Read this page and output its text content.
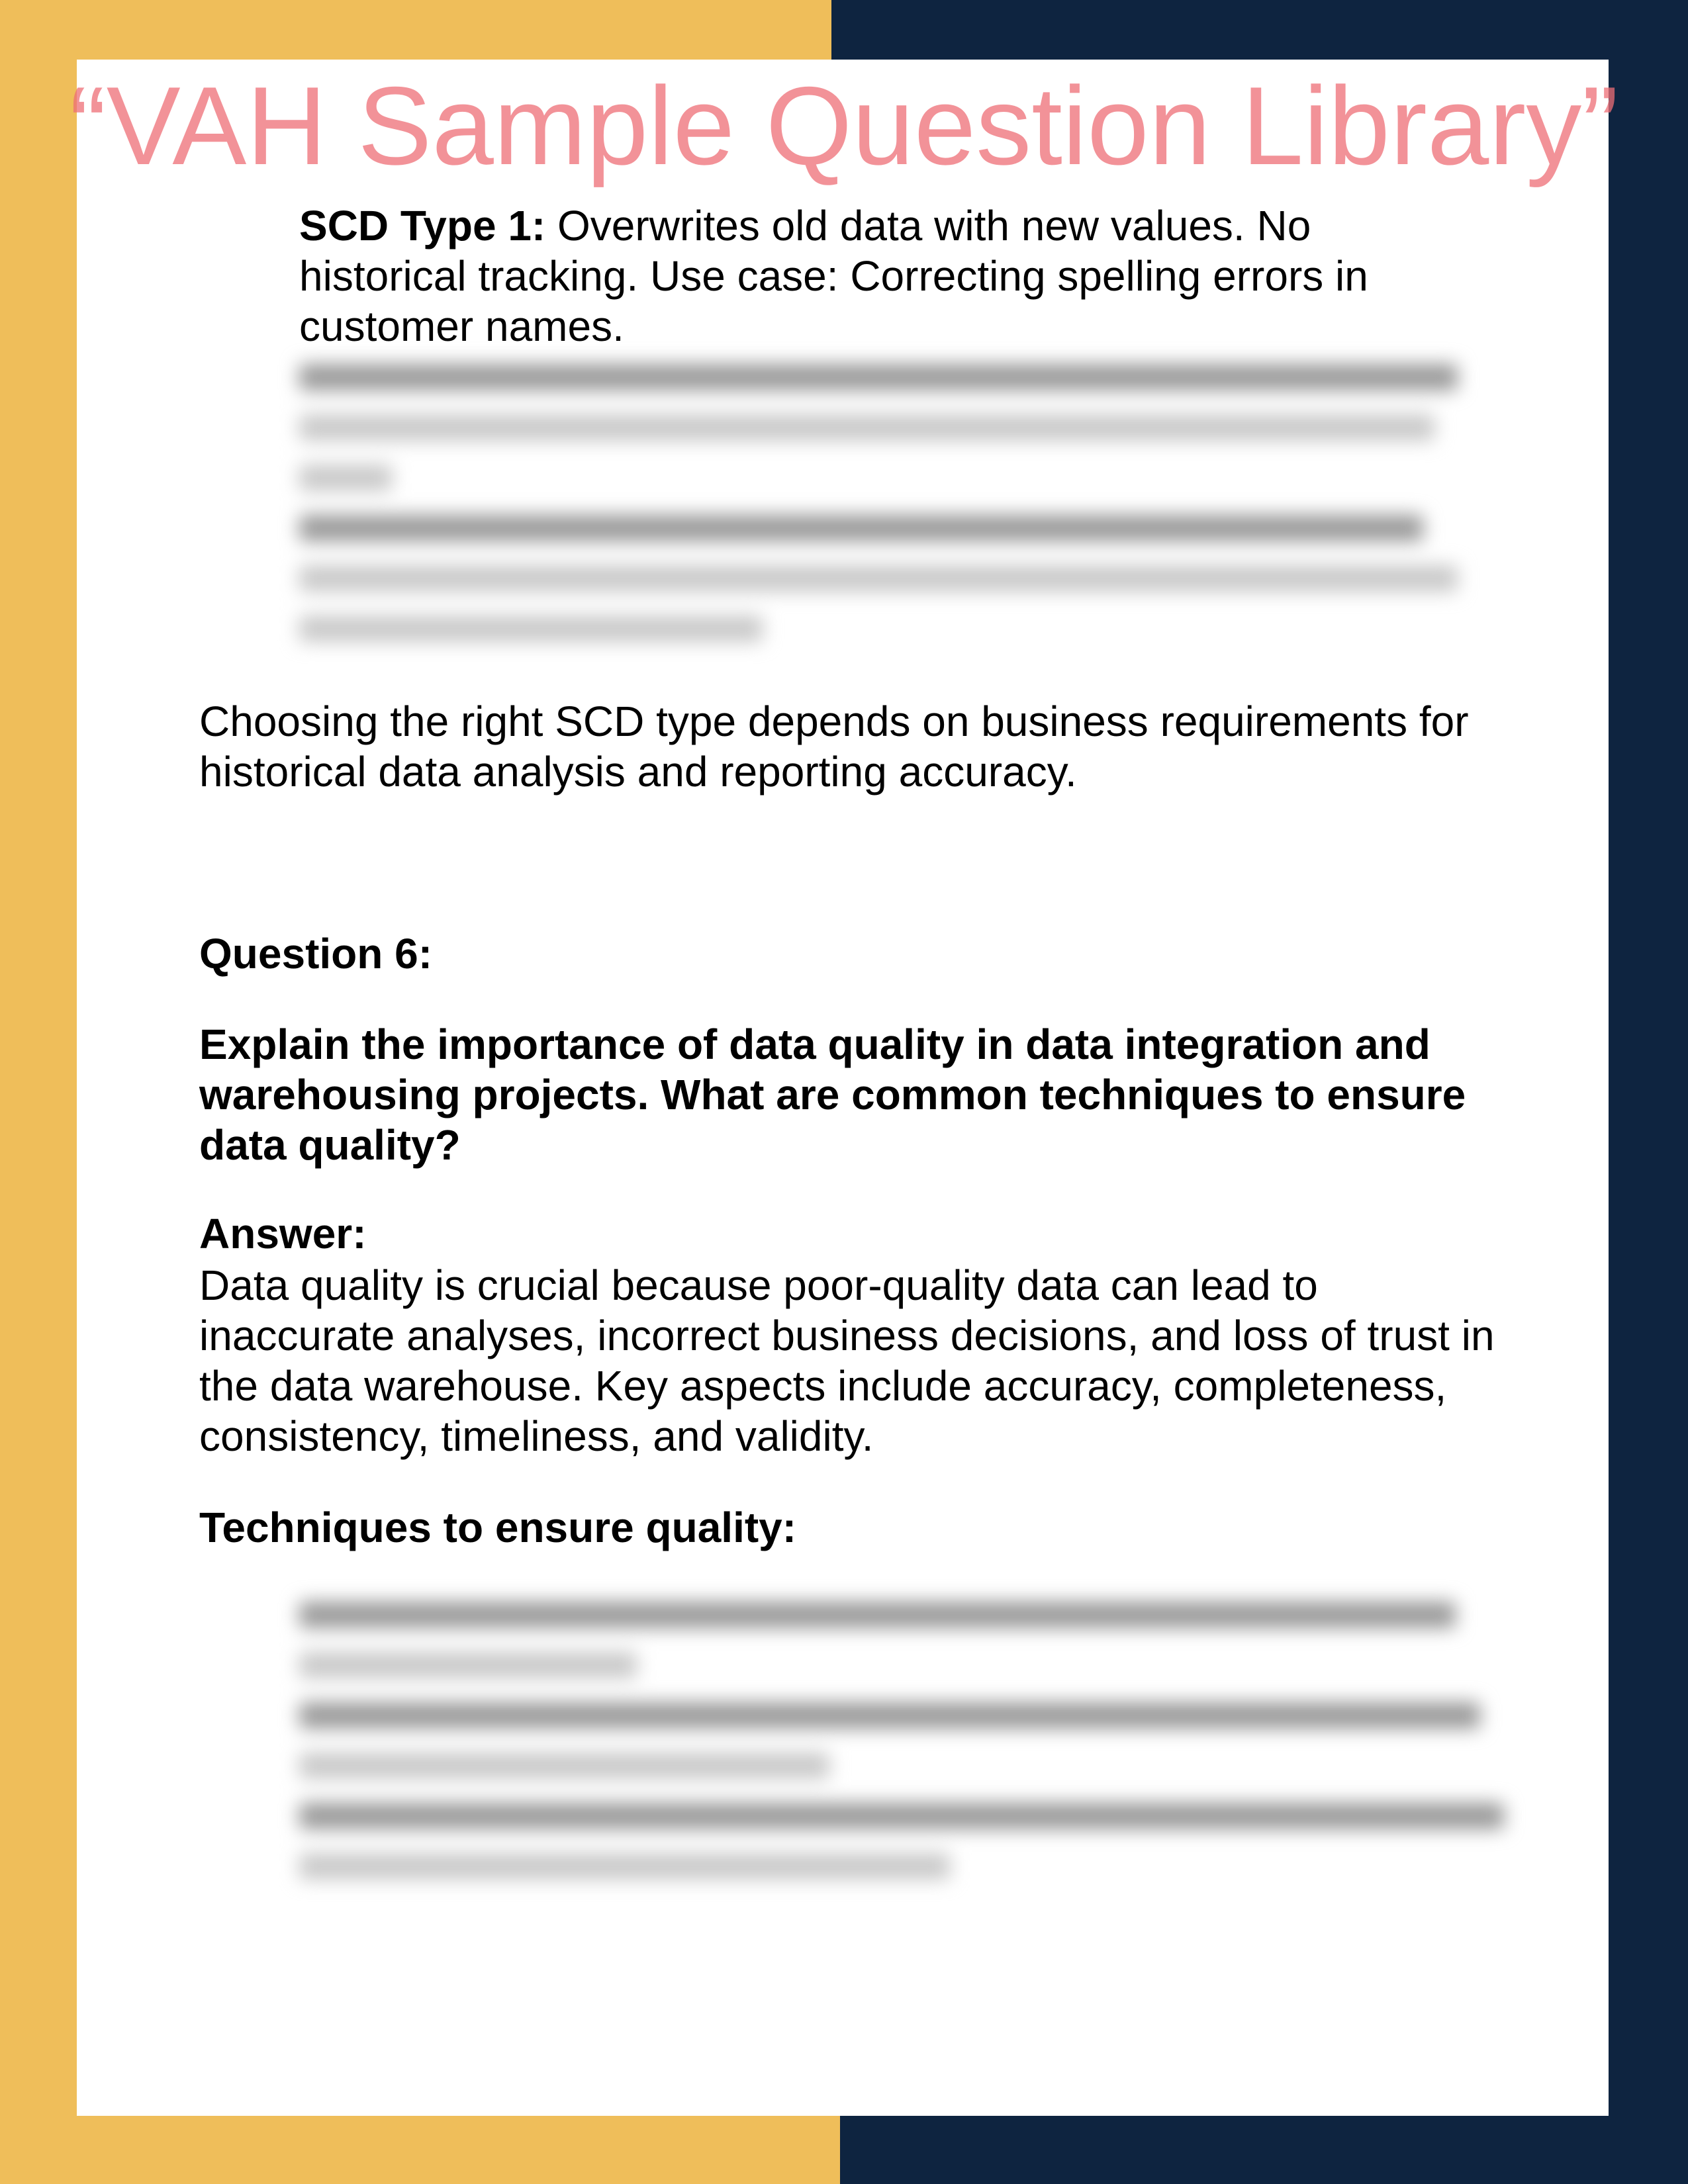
SCD Type 1: Overwrites old data with new values. No historical tracking. Use case: Correcting spelling errors in customer names.
Choosing the right SCD type depends on business requirements for historical data analysis and reporting accuracy.
Question 6:
Explain the importance of data quality in data integration and warehousing projects. What are common techniques to ensure data quality?
Answer:
Data quality is crucial because poor-quality data can lead to inaccurate analyses, incorrect business decisions, and loss of trust in the data warehouse. Key aspects include accuracy, completeness, consistency, timeliness, and validity.
Techniques to ensure quality:
“VAH Sample Question Library”
